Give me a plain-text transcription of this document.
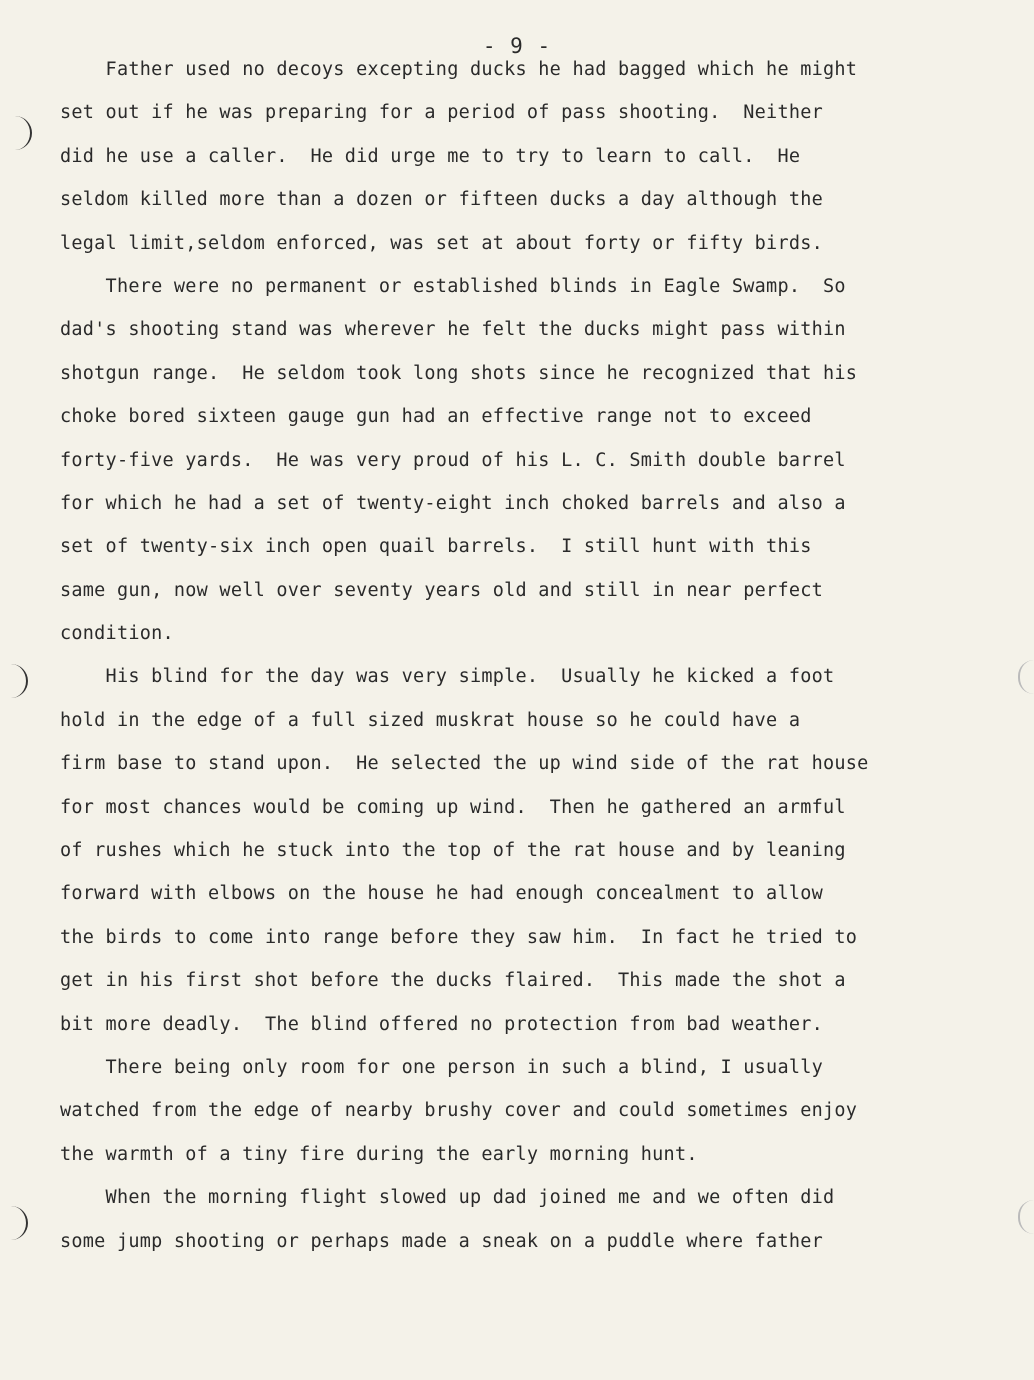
- 9 -
Father used no decoys excepting ducks he had bagged which he might
set out if he was preparing for a period of pass shooting.  Neither
did he use a caller.  He did urge me to try to learn to call.  He
seldom killed more than a dozen or fifteen ducks a day although the
legal limit,seldom enforced, was set at about forty or fifty birds.
There were no permanent or established blinds in Eagle Swamp.  So
dad's shooting stand was wherever he felt the ducks might pass within
shotgun range.  He seldom took long shots since he recognized that his
choke bored sixteen gauge gun had an effective range not to exceed
forty-five yards.  He was very proud of his L. C. Smith double barrel
for which he had a set of twenty-eight inch choked barrels and also a
set of twenty-six inch open quail barrels.  I still hunt with this
same gun, now well over seventy years old and still in near perfect
condition.
His blind for the day was very simple.  Usually he kicked a foot
hold in the edge of a full sized muskrat house so he could have a
firm base to stand upon.  He selected the up wind side of the rat house
for most chances would be coming up wind.  Then he gathered an armful
of rushes which he stuck into the top of the rat house and by leaning
forward with elbows on the house he had enough concealment to allow
the birds to come into range before they saw him.  In fact he tried to
get in his first shot before the ducks flaired.  This made the shot a
bit more deadly.  The blind offered no protection from bad weather.
There being only room for one person in such a blind, I usually
watched from the edge of nearby brushy cover and could sometimes enjoy
the warmth of a tiny fire during the early morning hunt.
When the morning flight slowed up dad joined me and we often did
some jump shooting or perhaps made a sneak on a puddle where father
